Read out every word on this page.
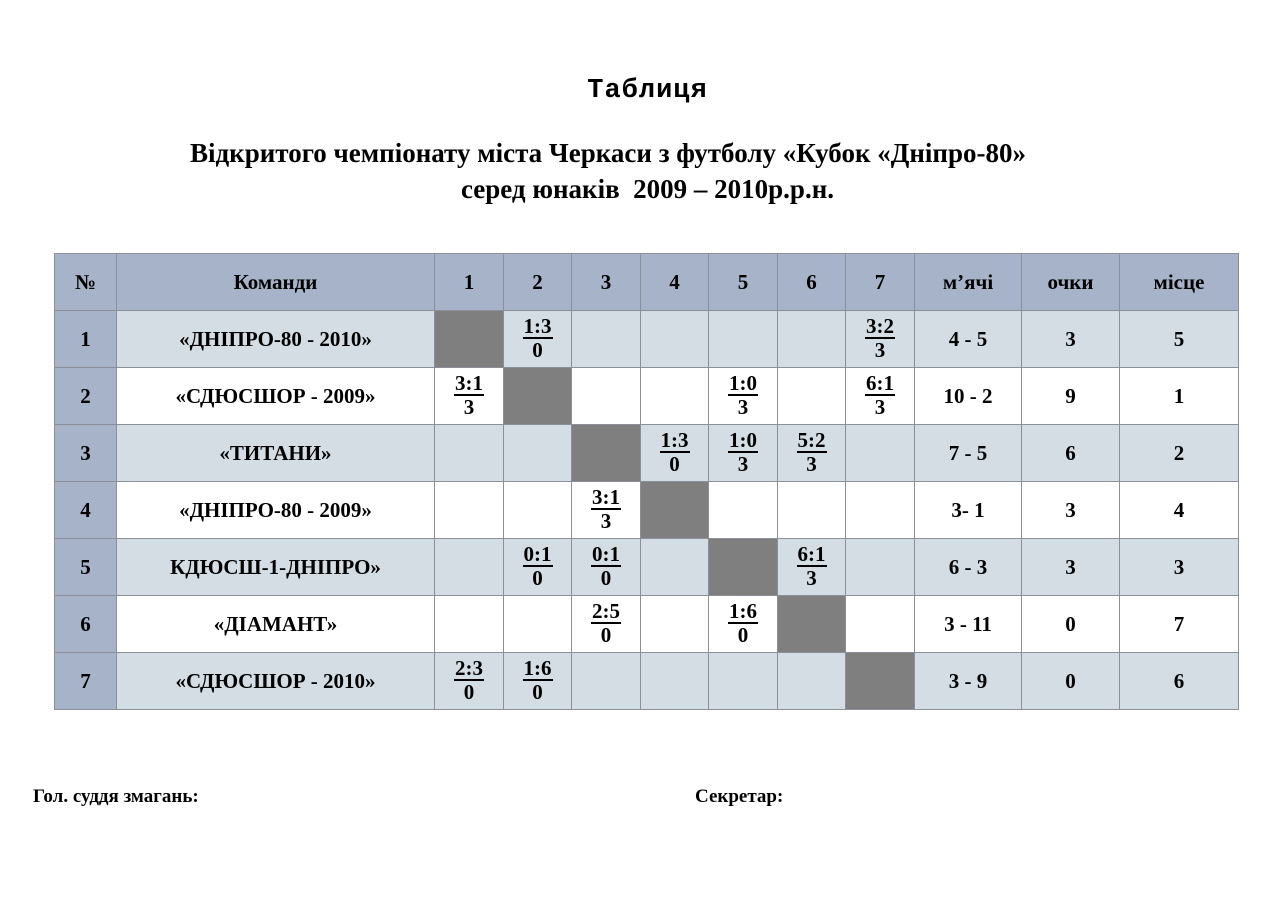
Таблиця
Відкритого чемпіонату міста Черкаси з футболу «Кубок «Дніпро-80»
серед юнаків  2009 – 2010р.р.н.
№	Команди	1	2	3	4	5	6	7	м’ячі	очки	місце
1	«ДНІПРО-80 - 2010»		$\frac{1:3}{0}$					$\frac{3:2}{3}$	4 - 5	3	5
2	«СДЮСШОР - 2009»	$\frac{3:1}{3}$				$\frac{1:0}{3}$		$\frac{6:1}{3}$	10 - 2	9	1
3	«ТИТАНИ»				$\frac{1:3}{0}$	$\frac{1:0}{3}$	$\frac{5:2}{3}$		7 - 5	6	2
4	«ДНІПРО-80 - 2009»			$\frac{3:1}{3}$					3- 1	3	4
5	КДЮСШ-1-ДНІПРО»		$\frac{0:1}{0}$	$\frac{0:1}{0}$			$\frac{6:1}{3}$		6 - 3	3	3
6	«ДІАМАНТ»			$\frac{2:5}{0}$		$\frac{1:6}{0}$			3 - 11	0	7
7	«СДЮСШОР - 2010»	$\frac{2:3}{0}$	$\frac{1:6}{0}$						3 - 9	0	6
Гол. суддя змагань:	Секретар:
